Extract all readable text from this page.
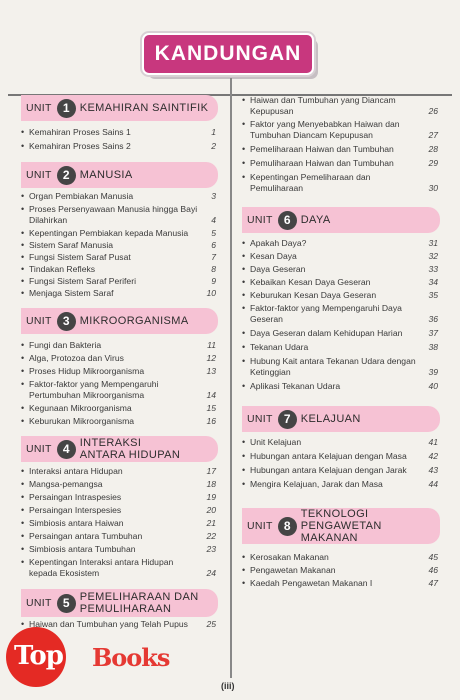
KANDUNGAN
UNIT 1 KEMAHIRAN SAINTIFIK
• Kemahiran Proses Sains 1	1
• Kemahiran Proses Sains 2	2
UNIT 2 MANUSIA
• Organ Pembiakan Manusia	3
• Proses Persenyawaan Manusia hingga Bayi Dilahirkan	4
• Kepentingan Pembiakan kepada Manusia	5
• Sistem Saraf Manusia	6
• Fungsi Sistem Saraf Pusat	7
• Tindakan Refleks	8
• Fungsi Sistem Saraf Periferi	9
• Menjaga Sistem Saraf	10
UNIT 3 MIKROORGANISMA
• Fungi dan Bakteria	11
• Alga, Protozoa dan Virus	12
• Proses Hidup Mikroorganisma	13
• Faktor-faktor yang Mempengaruhi Pertumbuhan Mikroorganisma	14
• Kegunaan Mikroorganisma	15
• Keburukan Mikroorganisma	16
UNIT 4 INTERAKSI ANTARA HIDUPAN
• Interaksi antara Hidupan	17
• Mangsa-pemangsa	18
• Persaingan Intraspesies	19
• Persaingan Interspesies	20
• Simbiosis antara Haiwan	21
• Persaingan antara Tumbuhan	22
• Simbiosis antara Tumbuhan	23
• Kepentingan Interaksi antara Hidupan kepada Ekosistem	24
UNIT 5 PEMELIHARAAN DAN PEMULIHARAAN
• Haiwan dan Tumbuhan yang Telah Pupus 25
• Haiwan dan Tumbuhan yang Diancam Kepupusan	26
• Faktor yang Menyebabkan Haiwan dan Tumbuhan Diancam Kepupusan	27
• Pemeliharaan Haiwan dan Tumbuhan	28
• Pemuliharaan Haiwan dan Tumbuhan	29
• Kepentingan Pemeliharaan dan Pemuliharaan	30
UNIT 6 DAYA
• Apakah Daya?	31
• Kesan Daya	32
• Daya Geseran	33
• Kebaikan Kesan Daya Geseran	34
• Keburukan Kesan Daya Geseran	35
• Faktor-faktor yang Mempengaruhi Daya Geseran	36
• Daya Geseran dalam Kehidupan Harian	37
• Tekanan Udara	38
• Hubung Kait antara Tekanan Udara dengan Ketinggian	39
• Aplikasi Tekanan Udara	40
UNIT 7 KELAJUAN
• Unit Kelajuan	41
• Hubungan antara Kelajuan dengan Masa	42
• Hubungan antara Kelajuan dengan Jarak	43
• Mengira Kelajuan, Jarak dan Masa	44
UNIT 8
TEKNOLOGI PENGAWETAN MAKANAN
• Kerosakan Makanan	45
• Pengawetan Makanan	46
• Kaedah Pengawetan Makanan I	47
(iii)
Top Books
